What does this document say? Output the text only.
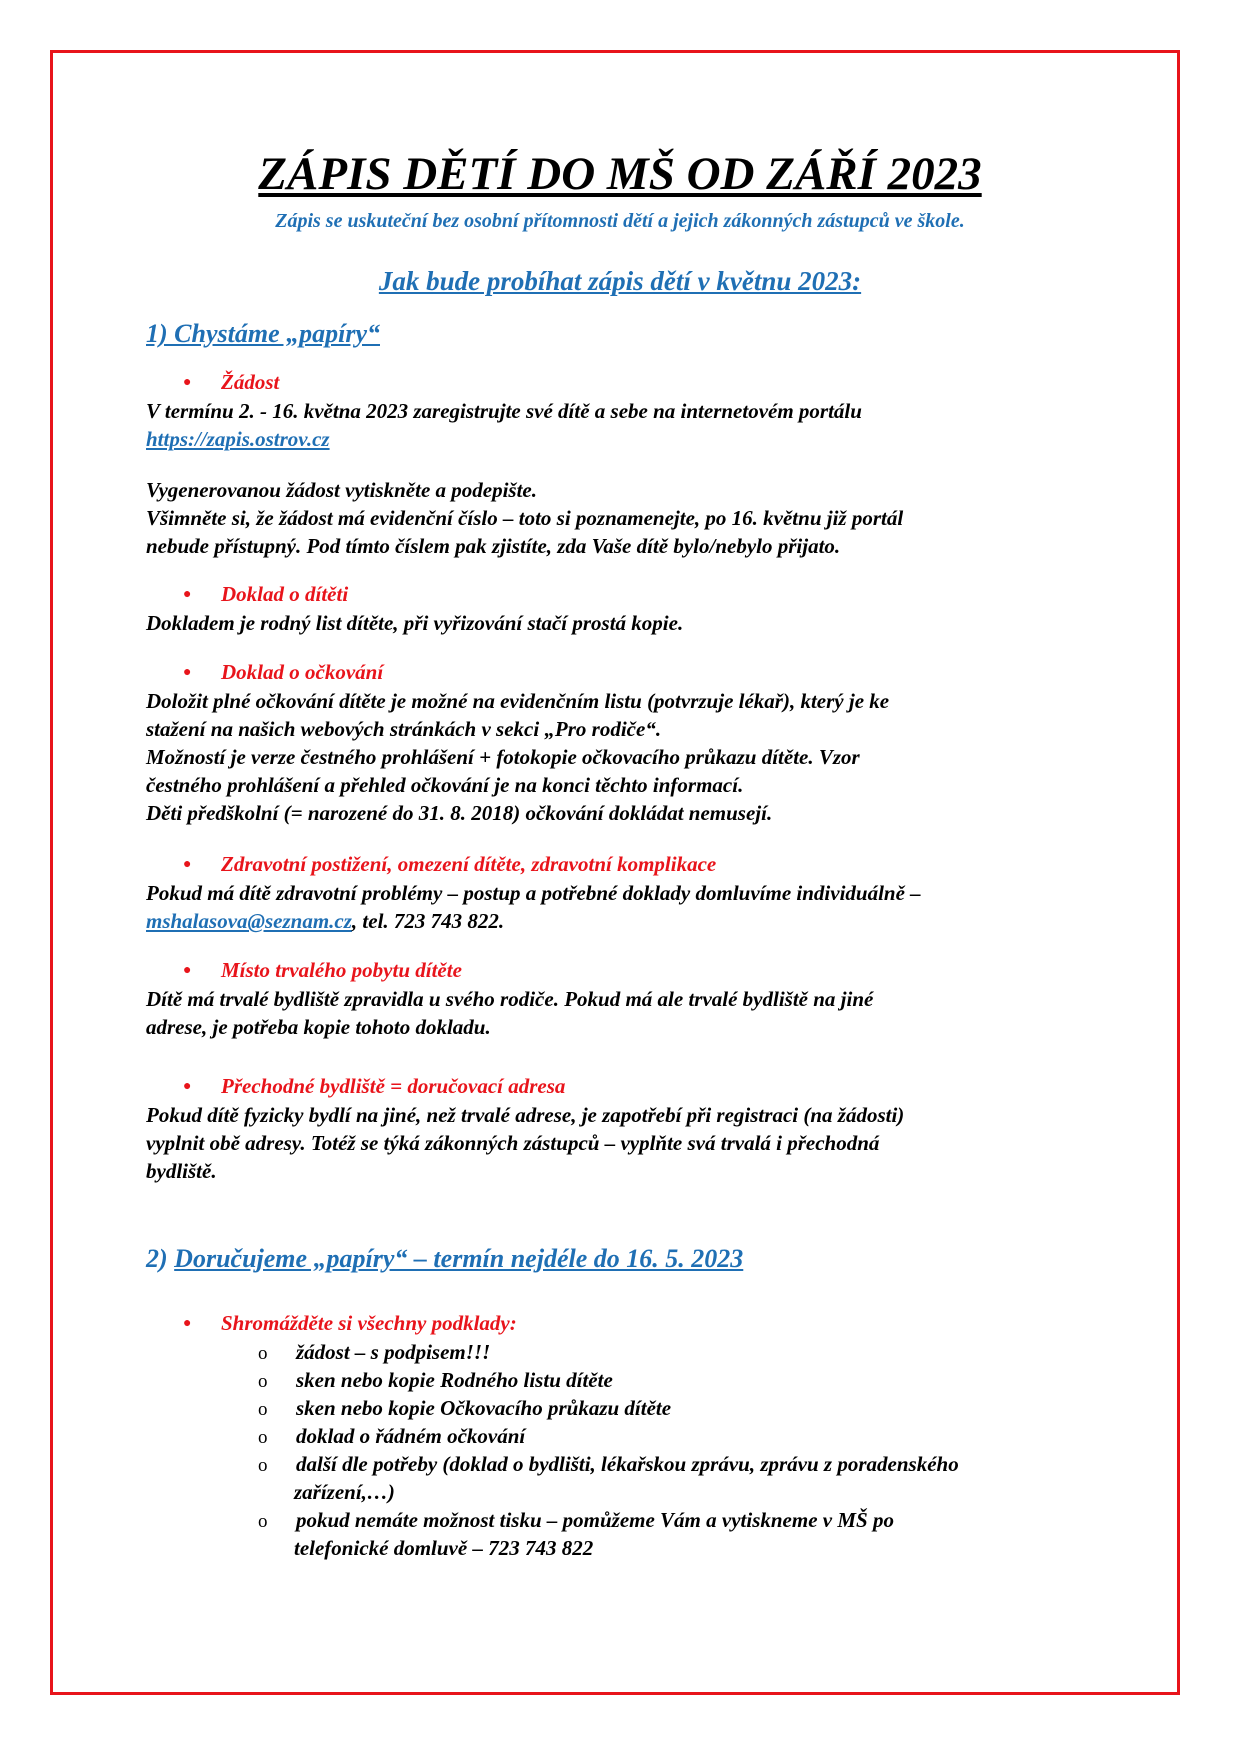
ZÁPIS DĚTÍ DO MŠ OD ZÁŘÍ 2023

Zápis se uskuteční bez osobní přítomnosti dětí a jejich zákonných zástupců ve škole.

Jak bude probíhat zápis dětí v květnu 2023:

1) Chystáme „papíry“

● Žádost

V termínu 2. - 16. května 2023 zaregistrujte své dítě a sebe na internetovém portálu

https://zapis.ostrov.cz

Vygenerovanou žádost vytiskněte a podepište.

Všimněte si, že žádost má evidenční číslo – toto si poznamenejte, po 16. květnu již portál

nebude přístupný. Pod tímto číslem pak zjistíte, zda Vaše dítě bylo/nebylo přijato.

● Doklad o dítěti

Dokladem je rodný list dítěte, při vyřizování stačí prostá kopie.

● Doklad o očkování

Doložit plné očkování dítěte je možné na evidenčním listu (potvrzuje lékař), který je ke

stažení na našich webových stránkách v sekci „Pro rodiče“.

Možností je verze čestného prohlášení + fotokopie očkovacího průkazu dítěte. Vzor

čestného prohlášení a přehled očkování je na konci těchto informací.

Děti předškolní (= narozené do 31. 8. 2018) očkování dokládat nemusejí.

● Zdravotní postižení, omezení dítěte, zdravotní komplikace

Pokud má dítě zdravotní problémy – postup a potřebné doklady domluvíme individuálně –

mshalasova@seznam.cz, tel. 723 743 822.

● Místo trvalého pobytu dítěte

Dítě má trvalé bydliště zpravidla u svého rodiče. Pokud má ale trvalé bydliště na jiné

adrese, je potřeba kopie tohoto dokladu.

● Přechodné bydliště = doručovací adresa

Pokud dítě fyzicky bydlí na jiné, než trvalé adrese, je zapotřebí při registraci (na žádosti)

vyplnit obě adresy. Totéž se týká zákonných zástupců – vyplňte svá trvalá i přechodná

bydliště.

2) Doručujeme „papíry“ – termín nejdéle do 16. 5. 2023

● Shromážděte si všechny podklady:

o žádost – s podpisem!!!

o sken nebo kopie Rodného listu dítěte

o sken nebo kopie Očkovacího průkazu dítěte

o doklad o řádném očkování

o další dle potřeby (doklad o bydlišti, lékařskou zprávu, zprávu z poradenského

zařízení,…)

o pokud nemáte možnost tisku – pomůžeme Vám a vytiskneme v MŠ po

telefonické domluvě – 723 743 822
